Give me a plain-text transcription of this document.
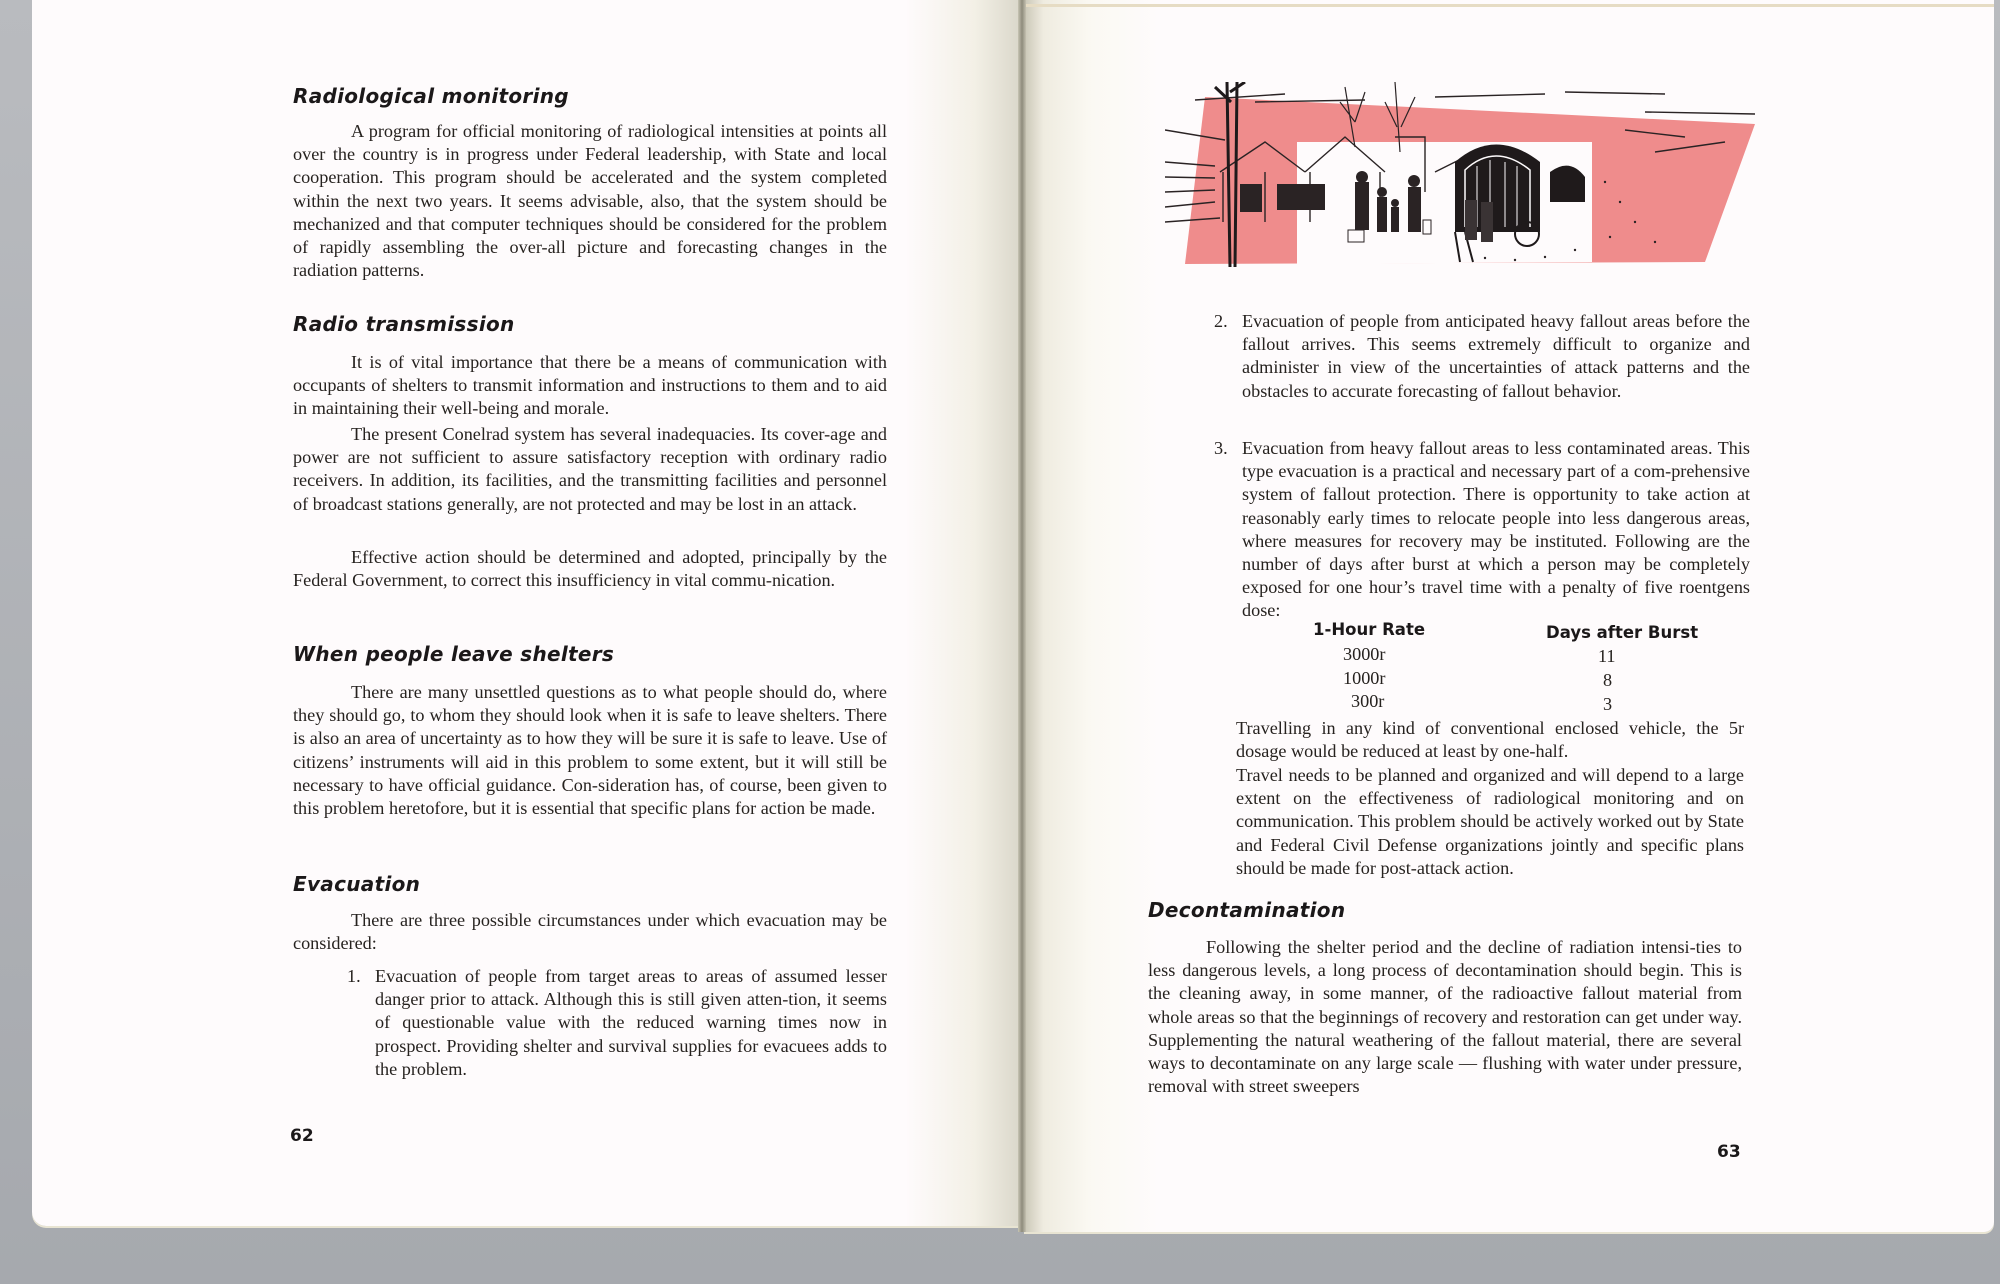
Radiological monitoring

A program for official monitoring of radiological intensities at points all over the country is in progress under Federal leadership, with State and local cooperation. This program should be accelerated and the system completed within the next two years. It seems advisable, also, that the system should be mechanized and that computer techniques should be considered for the problem of rapidly assembling the over-all picture and forecasting changes in the radiation patterns.

Radio transmission

It is of vital importance that there be a means of communication with occupants of shelters to transmit information and instructions to them and to aid in maintaining their well-being and morale.

The present Conelrad system has several inadequacies. Its cover-age and power are not sufficient to assure satisfactory reception with ordinary radio receivers. In addition, its facilities, and the transmitting facilities and personnel of broadcast stations generally, are not protected and may be lost in an attack.

Effective action should be determined and adopted, principally by the Federal Government, to correct this insufficiency in vital commu-nication.

When people leave shelters

There are many unsettled questions as to what people should do, where they should go, to whom they should look when it is safe to leave shelters. There is also an area of uncertainty as to how they will be sure it is safe to leave. Use of citizens’ instruments will aid in this problem to some extent, but it will still be necessary to have official guidance. Con-sideration has, of course, been given to this problem heretofore, but it is essential that specific plans for action be made.

Evacuation

There are three possible circumstances under which evacuation may be considered:

1. Evacuation of people from target areas to areas of assumed lesser danger prior to attack. Although this is still given atten-tion, it seems of questionable value with the reduced warning times now in prospect. Providing shelter and survival supplies for evacuees adds to the problem.

62

2. Evacuation of people from anticipated heavy fallout areas before the fallout arrives. This seems extremely difficult to organize and administer in view of the uncertainties of attack patterns and the obstacles to accurate forecasting of fallout behavior.
3. Evacuation from heavy fallout areas to less contaminated areas. This type evacuation is a practical and necessary part of a com-prehensive system of fallout protection. There is opportunity to take action at reasonably early times to relocate people into less dangerous areas, where measures for recovery may be instituted. Following are the number of days after burst at which a person may be completely exposed for one hour’s travel time with a penalty of five roentgens dose:

1-Hour Rate	Days after Burst

3000r	11

1000r	8

300r	3

Travelling in any kind of conventional enclosed vehicle, the 5r dosage would be reduced at least by one-half.

Travel needs to be planned and organized and will depend to a large extent on the effectiveness of radiological monitoring and on communication. This problem should be actively worked out by State and Federal Civil Defense organizations jointly and specific plans should be made for post-attack action.

Decontamination

Following the shelter period and the decline of radiation intensi-ties to less dangerous levels, a long process of decontamination should begin. This is the cleaning away, in some manner, of the radioactive fallout material from whole areas so that the beginnings of recovery and restoration can get under way. Supplementing the natural weathering of the fallout material, there are several ways to decontaminate on any large scale — flushing with water under pressure, removal with street sweepers

63
